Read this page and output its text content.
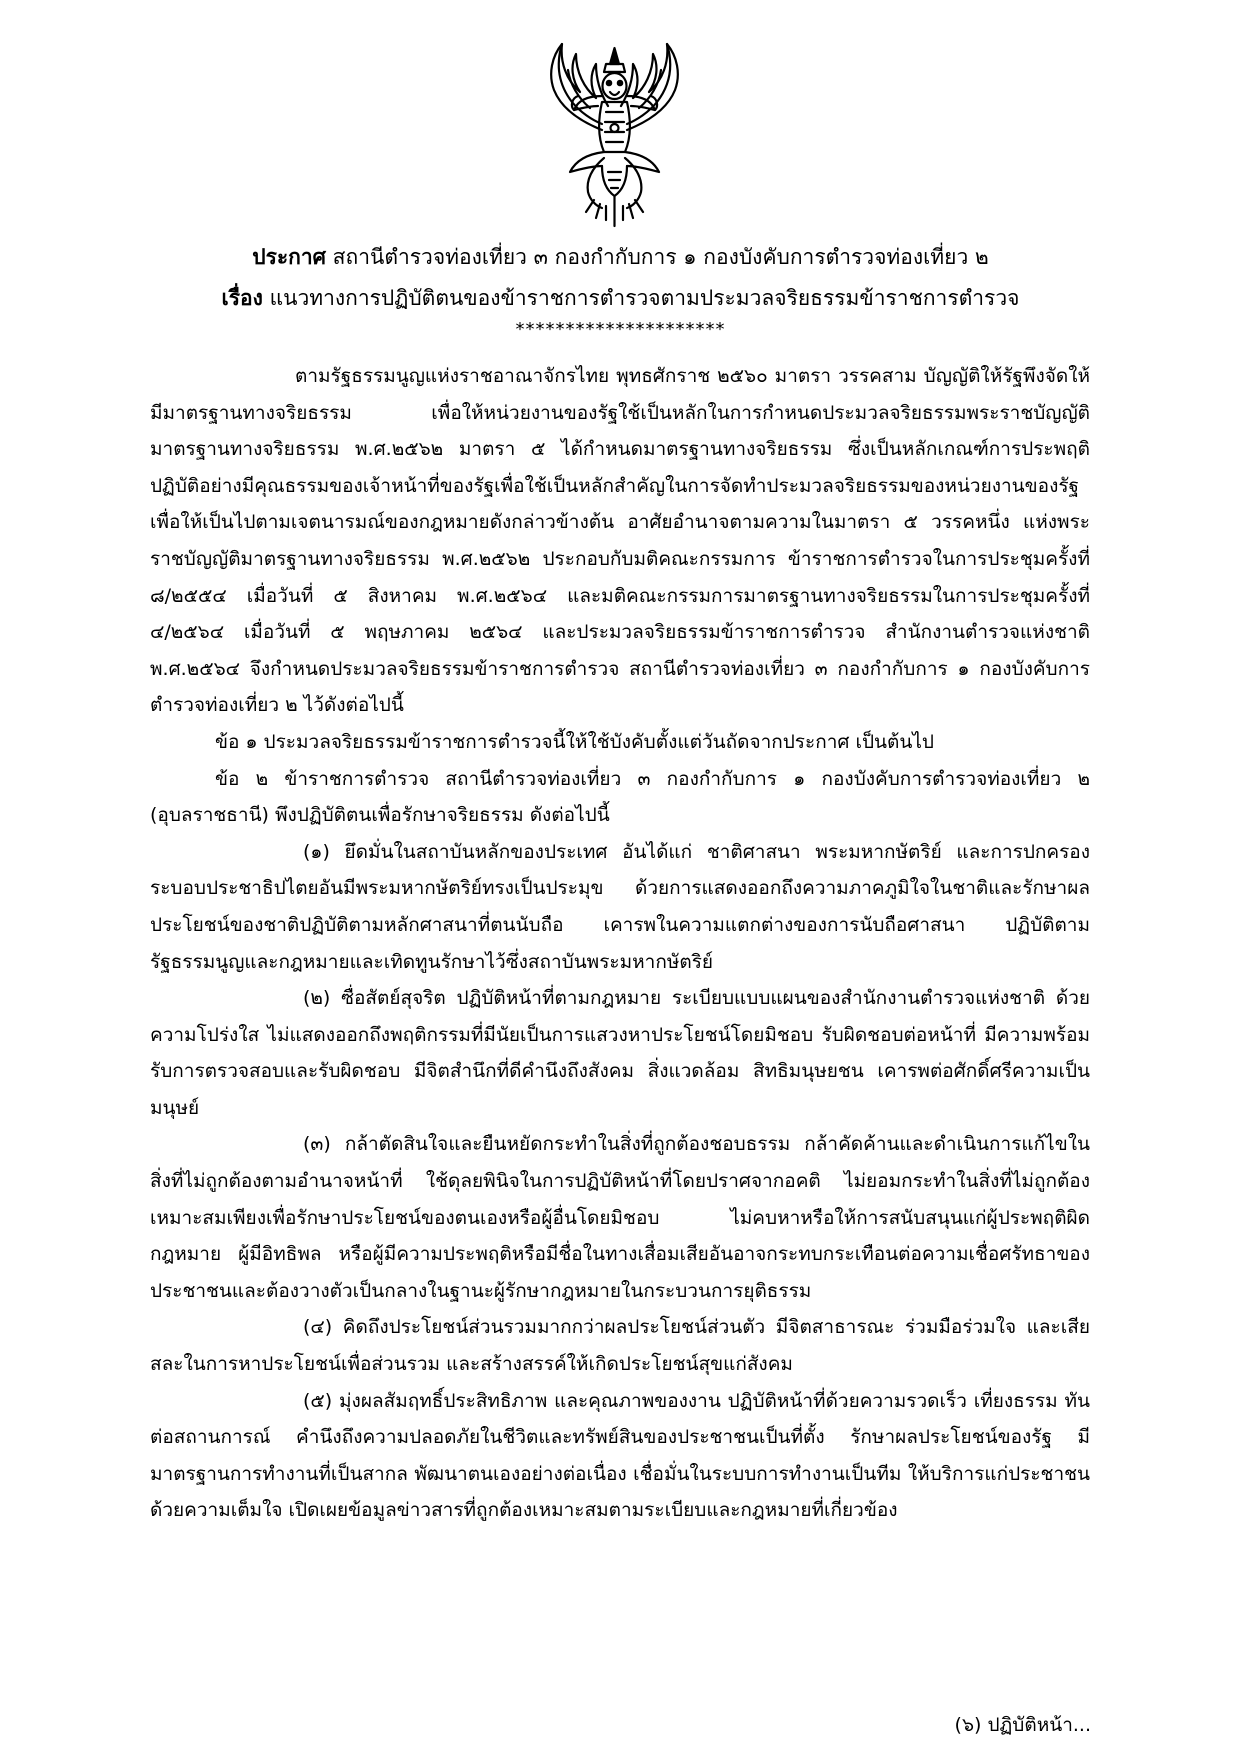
ประกาศ สถานีตำรวจท่องเที่ยว ๓ กองกำกับการ ๑ กองบังคับการตำรวจท่องเที่ยว ๒
เรื่อง แนวทางการปฏิบัติตนของข้าราชการตำรวจตามประมวลจริยธรรมข้าราชการตำรวจ
*********************

ตามรัฐธรรมนูญแห่งราชอาณาจักรไทย พุทธศักราช ๒๕๖๐ มาตรา วรรคสาม บัญญัติให้รัฐพึงจัดให้มีมาตรฐานทางจริยธรรม เพื่อให้หน่วยงานของรัฐใช้เป็นหลักในการกำหนดประมวลจริยธรรมพระราชบัญญัติมาตรฐานทางจริยธรรม พ.ศ.๒๕๖๒ มาตรา ๕ ได้กำหนดมาตรฐานทางจริยธรรม ซึ่งเป็นหลักเกณฑ์การประพฤติปฏิบัติอย่างมีคุณธรรมของเจ้าหน้าที่ของรัฐเพื่อใช้เป็นหลักสำคัญในการจัดทำประมวลจริยธรรมของหน่วยงานของรัฐเพื่อให้เป็นไปตามเจตนารมณ์ของกฎหมายดังกล่าวข้างต้น อาศัยอำนาจตามความในมาตรา ๕ วรรคหนึ่ง แห่งพระราชบัญญัติมาตรฐานทางจริยธรรม พ.ศ.๒๕๖๒ ประกอบกับมติคณะกรรมการ ข้าราชการตำรวจในการประชุมครั้งที่ ๘/๒๕๕๔ เมื่อวันที่ ๕ สิงหาคม พ.ศ.๒๕๖๔ และมติคณะกรรมการมาตรฐานทางจริยธรรมในการประชุมครั้งที่ ๔/๒๕๖๔ เมื่อวันที่ ๕ พฤษภาคม ๒๕๖๔ และประมวลจริยธรรมข้าราชการตำรวจ สำนักงานตำรวจแห่งชาติ พ.ศ.๒๕๖๔ จึงกำหนดประมวลจริยธรรมข้าราชการตำรวจ สถานีตำรวจท่องเที่ยว ๓ กองกำกับการ ๑ กองบังคับการตำรวจท่องเที่ยว ๒ ไว้ดังต่อไปนี้

ข้อ ๑ ประมวลจริยธรรมข้าราชการตำรวจนี้ให้ใช้บังคับตั้งแต่วันถัดจากประกาศ เป็นต้นไป

ข้อ ๒ ข้าราชการตำรวจ สถานีตำรวจท่องเที่ยว ๓ กองกำกับการ ๑ กองบังคับการตำรวจท่องเที่ยว ๒ (อุบลราชธานี) พึงปฏิบัติตนเพื่อรักษาจริยธรรม ดังต่อไปนี้

(๑) ยึดมั่นในสถาบันหลักของประเทศ อันได้แก่ ชาติศาสนา พระมหากษัตริย์ และการปกครอง ระบอบประชาธิปไตยอันมีพระมหากษัตริย์ทรงเป็นประมุข ด้วยการแสดงออกถึงความภาคภูมิใจในชาติและรักษาผลประโยชน์ของชาติปฏิบัติตามหลักศาสนาที่ตนนับถือ เคารพในความแตกต่างของการนับถือศาสนา ปฏิบัติตามรัฐธรรมนูญและกฎหมายและเทิดทูนรักษาไว้ซึ่งสถาบันพระมหากษัตริย์

(๒) ซื่อสัตย์สุจริต ปฏิบัติหน้าที่ตามกฎหมาย ระเบียบแบบแผนของสำนักงานตำรวจแห่งชาติ ด้วยความโปร่งใส ไม่แสดงออกถึงพฤติกรรมที่มีนัยเป็นการแสวงหาประโยชน์โดยมิชอบ รับผิดชอบต่อหน้าที่ มีความพร้อมรับการตรวจสอบและรับผิดชอบ มีจิตสำนึกที่ดีคำนึงถึงสังคม สิ่งแวดล้อม สิทธิมนุษยชน เคารพต่อศักดิ์ศรีความเป็นมนุษย์

(๓) กล้าตัดสินใจและยืนหยัดกระทำในสิ่งที่ถูกต้องชอบธรรม กล้าคัดค้านและดำเนินการแก้ไขในสิ่งที่ไม่ถูกต้องตามอำนาจหน้าที่ ใช้ดุลยพินิจในการปฏิบัติหน้าที่โดยปราศจากอคติ ไม่ยอมกระทำในสิ่งที่ไม่ถูกต้องเหมาะสมเพียงเพื่อรักษาประโยชน์ของตนเองหรือผู้อื่นโดยมิชอบ ไม่คบหาหรือให้การสนับสนุนแก่ผู้ประพฤติผิดกฎหมาย ผู้มีอิทธิพล หรือผู้มีความประพฤติหรือมีชื่อในทางเสื่อมเสียอันอาจกระทบกระเทือนต่อความเชื่อศรัทธาของประชาชนและต้องวางตัวเป็นกลางในฐานะผู้รักษากฎหมายในกระบวนการยุติธรรม

(๔) คิดถึงประโยชน์ส่วนรวมมากกว่าผลประโยชน์ส่วนตัว มีจิตสาธารณะ ร่วมมือร่วมใจ และเสียสละในการหาประโยชน์เพื่อส่วนรวม และสร้างสรรค์ให้เกิดประโยชน์สุขแก่สังคม

(๕) มุ่งผลสัมฤทธิ์ประสิทธิภาพ และคุณภาพของงาน ปฏิบัติหน้าที่ด้วยความรวดเร็ว เที่ยงธรรม ทันต่อสถานการณ์ คำนึงถึงความปลอดภัยในชีวิตและทรัพย์สินของประชาชนเป็นที่ตั้ง รักษาผลประโยชน์ของรัฐ มีมาตรฐานการทำงานที่เป็นสากล พัฒนาตนเองอย่างต่อเนื่อง เชื่อมั่นในระบบการทำงานเป็นทีม ให้บริการแก่ประชาชนด้วยความเต็มใจ เปิดเผยข้อมูลข่าวสารที่ถูกต้องเหมาะสมตามระเบียบและกฎหมายที่เกี่ยวข้อง

(๖) ปฏิบัติหน้า...
